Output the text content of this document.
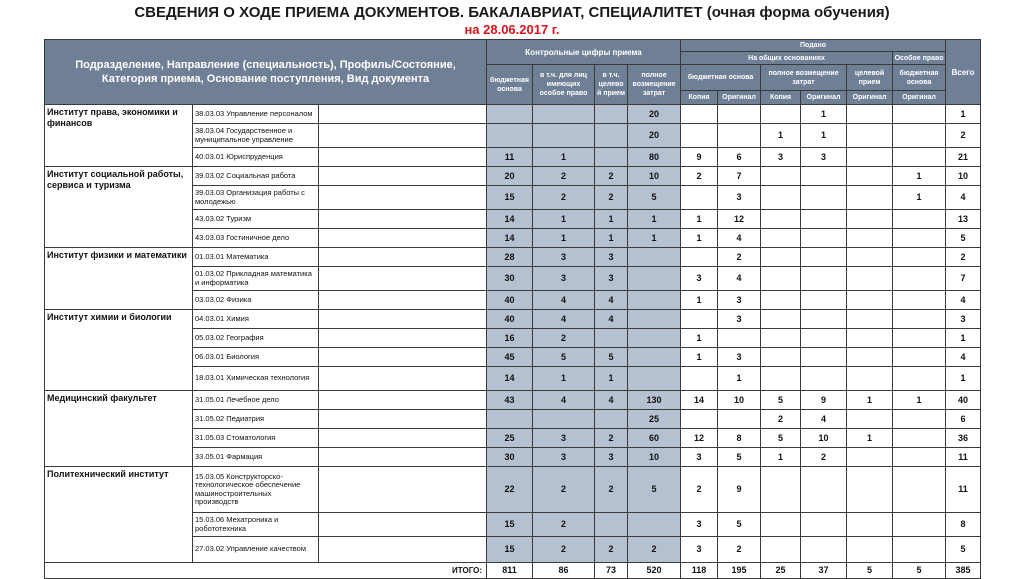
СВЕДЕНИЯ О ХОДЕ ПРИЕМА ДОКУМЕНТОВ. БАКАЛАВРИАТ, СПЕЦИАЛИТЕТ (очная форма обучения)
на 28.06.2017 г.
Подразделение, Направление (специальность), Профиль/Состояние, Категория приема, Основание поступления, Вид документа			Контрольные цифры приема				Подано						Всего
							На общих основаниях					Особое право	
			бюджетная основа	в т.ч. для лиц имеющих особое право	в т.ч. целево й прием	полное возмещение затрат	бюджетная основа		полное возмещение затрат		целевой прием	бюджетная основа	
							Копия	Оригинал	Копия	Оригинал	Оригинал	Оригинал	
Институт права, экономики и финансов	38.03.03 Управление персоналом					20				1			1
	38.03.04 Государственное и муниципальное управление					20			1	1			2
	40.03.01 Юриспруденция		11	1		80	9	6	3	3			21
Институт социальной работы, сервиса и туризма	39.03.02 Социальная работа		20	2	2	10	2	7				1	10
	39.03.03 Организация работы с молодежью		15	2	2	5		3				1	4
	43.03.02 Туризм		14	1	1	1	1	12					13
	43.03.03 Гостиничное дело		14	1	1	1	1	4					5
Институт физики и математики	01.03.01 Математика		28	3	3			2					2
	01.03.02 Прикладная математика и информатика		30	3	3		3	4					7
	03.03.02 Физика		40	4	4		1	3					4
Институт химии и биологии	04.03.01 Химия		40	4	4			3					3
	05.03.02 География		16	2			1						1
	06.03.01 Биология		45	5	5		1	3					4
	18.03.01 Химическая технология		14	1	1			1					1
Медицинский факультет	31.05.01 Лечебное дело		43	4	4	130	14	10	5	9	1	1	40
	31.05.02 Педиатрия					25			2	4			6
	31.05.03 Стоматология		25	3	2	60	12	8	5	10	1		36
	33.05.01 Фармация		30	3	3	10	3	5	1	2			11
Политехнический институт	15.03.05 Конструкторско-технологическое обеспечение машиностроительных производств		22	2	2	5	2	9					11
	15.03.06 Мехатроника и робототехника		15	2			3	5					8
	27.03.02 Управление качеством		15	2	2	2	3	2					5
ИТОГО:			811	86	73	520	118	195	25	37	5	5	385
